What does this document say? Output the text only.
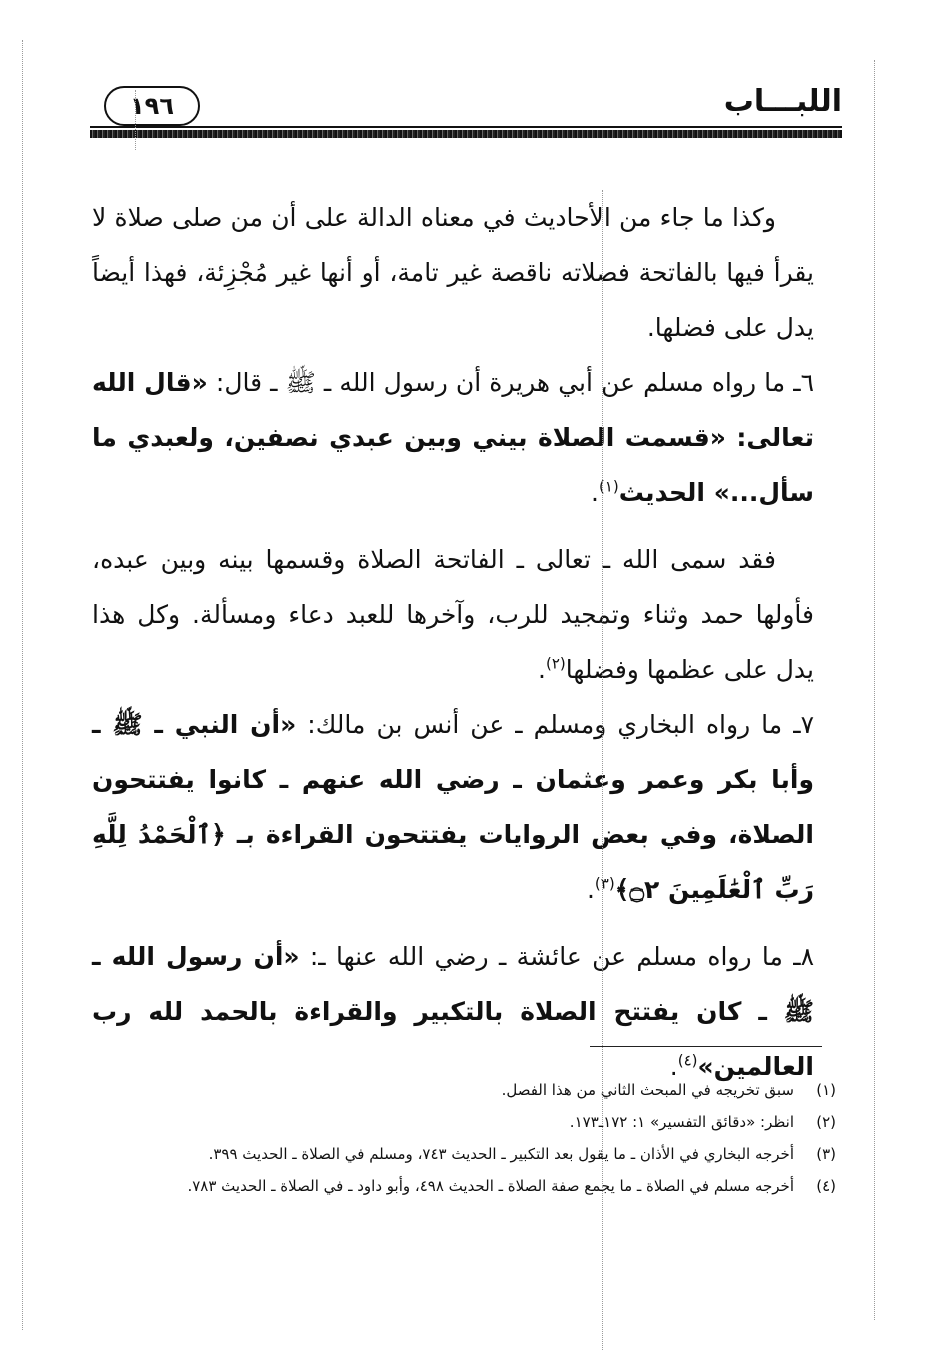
اللبـــاب
١٩٦

وكذا ما جاء من الأحاديث في معناه الدالة على أن من صلى صلاة لا يقرأ فيها بالفاتحة فصلاته ناقصة غير تامة، أو أنها غير مُجْزِئة، فهذا أيضاً يدل على فضلها.

٦ـ ما رواه مسلم عن أبي هريرة أن رسول الله ـ ﷺ ـ قال: «قال الله تعالى: «قسمت الصلاة بيني وبين عبدي نصفين، ولعبدي ما سأل...» الحديث$^{(١)}$.

فقد سمى الله ـ تعالى ـ الفاتحة الصلاة وقسمها بينه وبين عبده، فأولها حمد وثناء وتمجيد للرب، وآخرها للعبد دعاء ومسألة. وكل هذا يدل على عظمها وفضلها$^{(٢)}$.

٧ـ ما رواه البخاري ومسلم ـ عن أنس بن مالك: «أن النبي ـ ﷺ ـ وأبا بكر وعمر وعثمان ـ رضي الله عنهم ـ كانوا يفتتحون الصلاة، وفي بعض الروايات يفتتحون القراءة بـ ﴿ٱلْحَمْدُ لِلَّهِ رَبِّ ٱلْعَٰلَمِينَ ۝٢﴾$^{(٣)}$.

٨ـ ما رواه مسلم عن عائشة ـ رضي الله عنها ـ: «أن رسول الله ـ ﷺ ـ كان يفتتح الصلاة بالتكبير والقراءة بالحمد لله رب العالمين»$^{(٤)}$.

(١)
سبق تخريجه في المبحث الثاني من هذا الفصل.
(٢)
انظر: «دقائق التفسير» ١: ١٧٢ـ١٧٣.
(٣)
أخرجه البخاري في الأذان ـ ما يقول بعد التكبير ـ الحديث ٧٤٣، ومسلم في الصلاة ـ الحديث ٣٩٩.
(٤)
أخرجه مسلم في الصلاة ـ ما يجمع صفة الصلاة ـ الحديث ٤٩٨، وأبو داود ـ في الصلاة ـ الحديث ٧٨٣.
